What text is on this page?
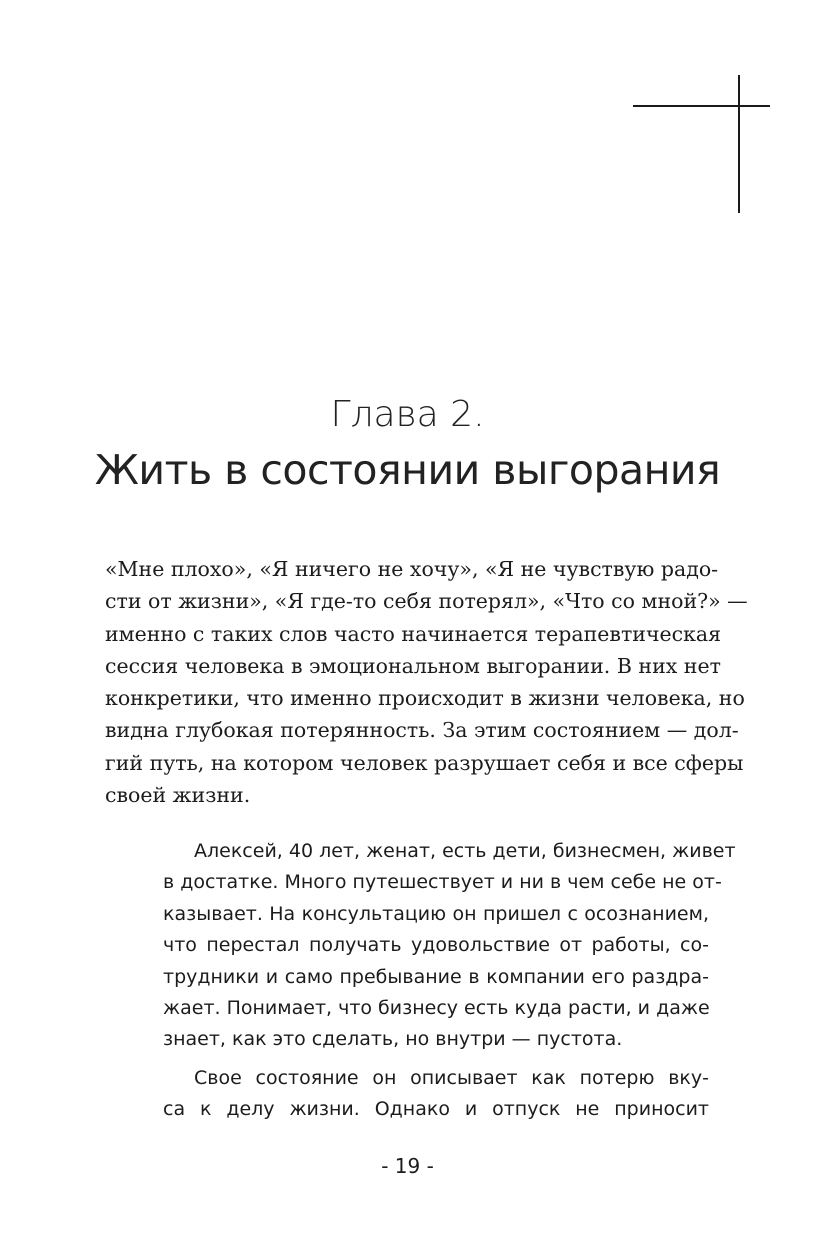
Глава 2.
Жить в состоянии выгорания
«Мне плохо», «Я ничего не хочу», «Я не чувствую радо-
сти от жизни», «Я где-то себя потерял», «Что со мной?» —
именно с таких слов часто начинается терапевтическая
сессия человека в эмоциональном выгорании. В них нет
конкретики, что именно происходит в жизни человека, но
видна глубокая потерянность. За этим состоянием — дол-
гий путь, на котором человек разрушает себя и все сферы
своей жизни.
Алексей, 40 лет, женат, есть дети, бизнесмен, живет
в достатке. Много путешествует и ни в чем себе не от-
казывает. На консультацию он пришел с осознанием,
что перестал получать удовольствие от работы, со-
трудники и само пребывание в компании его раздра-
жает. Понимает, что бизнесу есть куда расти, и даже
знает, как это сделать, но внутри — пустота.
Свое состояние он описывает как потерю вку-
са к делу жизни. Однако и отпуск не приносит
- 19 -
